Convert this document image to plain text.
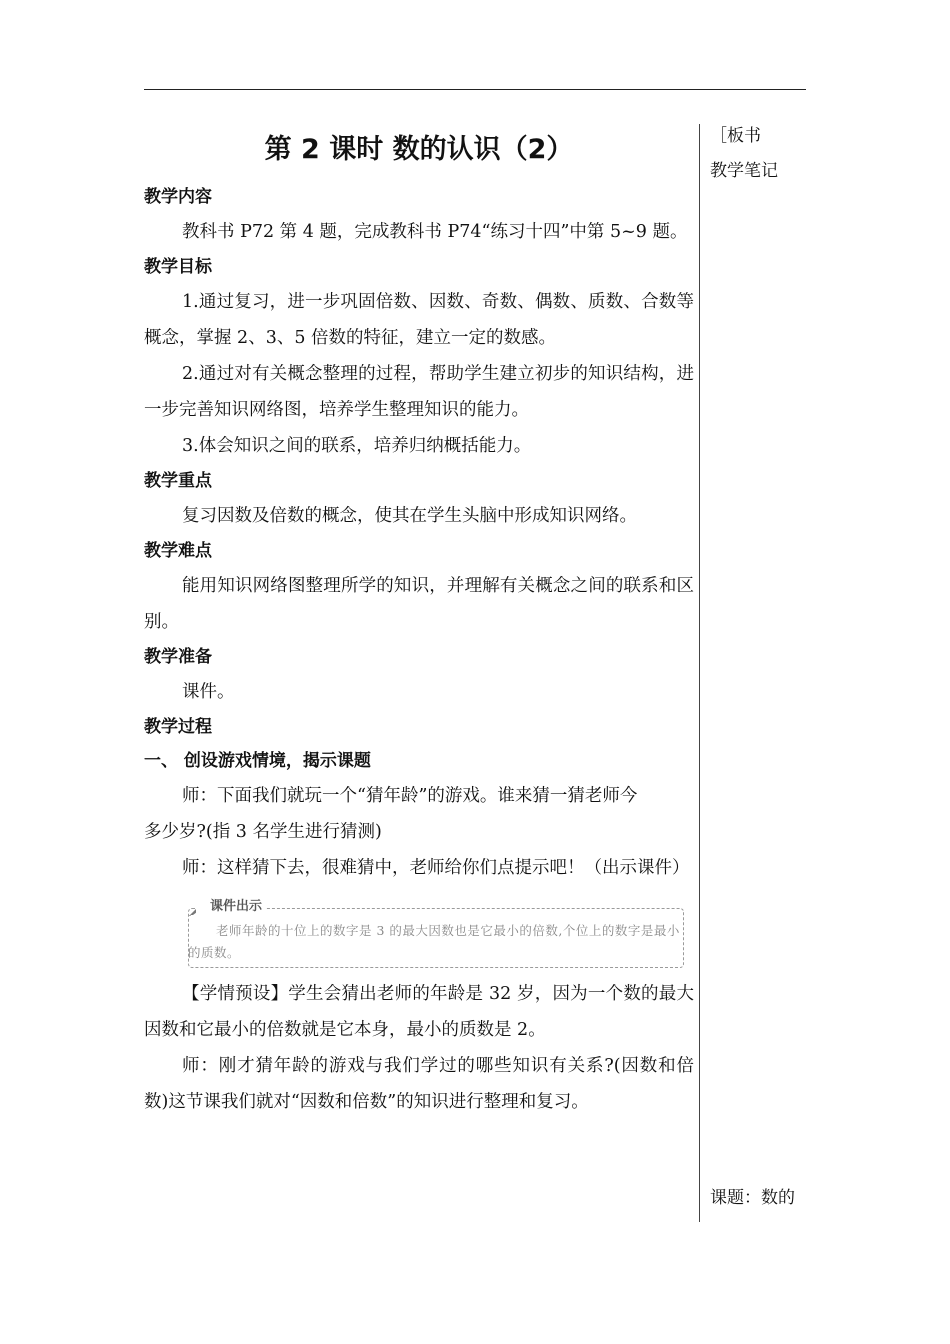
第 2 课时 数的认识（2）
教学内容
教科书 P72 第 4 题，完成教科书 P74“练习十四”中第 5~9 题。
教学目标
1.通过复习，进一步巩固倍数、因数、奇数、偶数、质数、合数等概念，掌握 2、3、5 倍数的特征，建立一定的数感。
2.通过对有关概念整理的过程，帮助学生建立初步的知识结构，进一步完善知识网络图，培养学生整理知识的能力。
3.体会知识之间的联系，培养归纳概括能力。
教学重点
复习因数及倍数的概念，使其在学生头脑中形成知识网络。
教学难点
能用知识网络图整理所学的知识，并理解有关概念之间的联系和区别。
教学准备
课件。
教学过程
一、 创设游戏情境，揭示课题
师：下面我们就玩一个“猜年龄”的游戏。谁来猜一猜老师今
多少岁?(指 3 名学生进行猜测)
师：这样猜下去，很难猜中，老师给你们点提示吧！（出示课件）
课件出示
老师年龄的十位上的数字是 3 的最大因数也是它最小的倍数,个位上的数字是最小的质数。
【学情预设】学生会猜出老师的年龄是 32 岁，因为一个数的最大因数和它最小的倍数就是它本身，最小的质数是 2。
师：刚才猜年龄的游戏与我们学过的哪些知识有关系?(因数和倍数)这节课我们就对“因数和倍数”的知识进行整理和复习。
［板书
教学笔记
课题：数的
